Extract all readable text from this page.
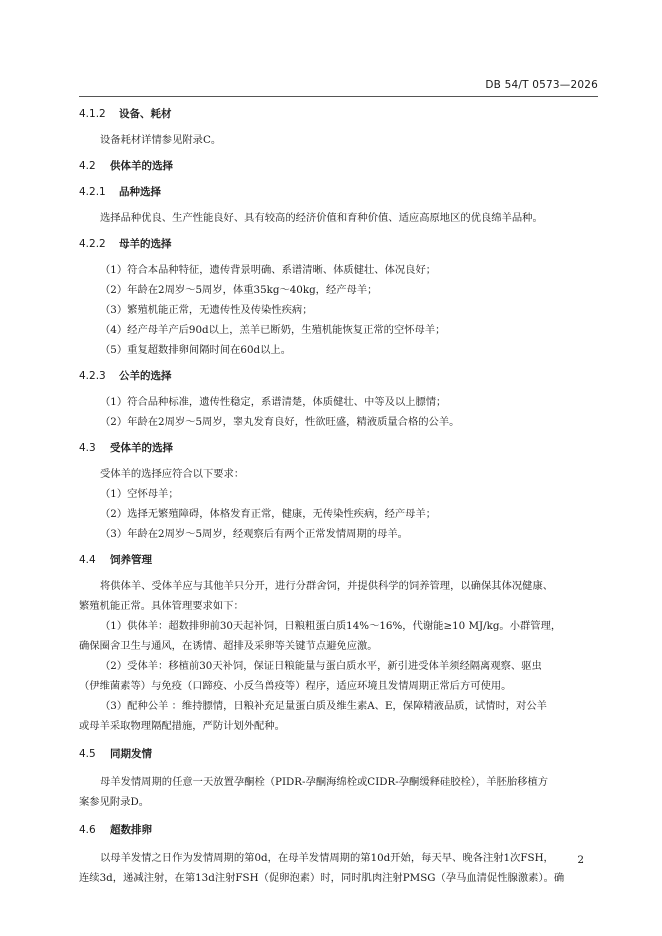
DB 54/T 0573—2026
4.1.2 设备、耗材

设备耗材详情参见附录C。

4.2 供体羊的选择
4.2.1 品种选择

选择品种优良、生产性能良好、具有较高的经济价值和育种价值、适应高原地区的优良绵羊品种。

4.2.2 母羊的选择

（1）符合本品种特征，遗传背景明确、系谱清晰、体质健壮、体况良好；

（2）年龄在2周岁～5周岁，体重35kg～40kg，经产母羊；

（3）繁殖机能正常，无遗传性及传染性疾病；

（4）经产母羊产后90d以上，羔羊已断奶，生殖机能恢复正常的空怀母羊；

（5）重复超数排卵间隔时间在60d以上。

4.2.3 公羊的选择

（1）符合品种标准，遗传性稳定，系谱清楚，体质健壮、中等及以上膘情；

（2）年龄在2周岁～5周岁，睾丸发育良好，性欲旺盛，精液质量合格的公羊。

4.3 受体羊的选择

受体羊的选择应符合以下要求：

（1）空怀母羊；

（2）选择无繁殖障碍，体格发育正常，健康，无传染性疾病，经产母羊；

（3）年龄在2周岁～5周岁，经观察后有两个正常发情周期的母羊。

4.4 饲养管理

将供体羊、受体羊应与其他羊只分开，进行分群舍饲，并提供科学的饲养管理，以确保其体况健康、

繁殖机能正常。具体管理要求如下：

（1）供体羊：超数排卵前30天起补饲，日粮粗蛋白质14%～16%，代谢能≥10 MJ/kg。小群管理，

确保圈舍卫生与通风，在诱情、超排及采卵等关键节点避免应激。

（2）受体羊：移植前30天补饲，保证日粮能量与蛋白质水平，新引进受体羊须经隔离观察、驱虫

（伊维菌素等）与免疫（口蹄疫、小反刍兽疫等）程序，适应环境且发情周期正常后方可使用。

（3）配种公羊 ：维持膘情，日粮补充足量蛋白质及维生素A、E，保障精液品质，试情时，对公羊

或母羊采取物理隔配措施，严防计划外配种。

4.5 同期发情

母羊发情周期的任意一天放置孕酮栓（PIDR-孕酮海绵栓或CIDR-孕酮缓释硅胶栓），羊胚胎移植方

案参见附录D。

4.6 超数排卵

以母羊发情之日作为发情周期的第0d，在母羊发情周期的第10d开始，每天早、晚各注射1次FSH，

连续3d，递减注射，在第13d注射FSH（促卵泡素）时，同时肌肉注射PMSG（孕马血清促性腺激素）。确

2
